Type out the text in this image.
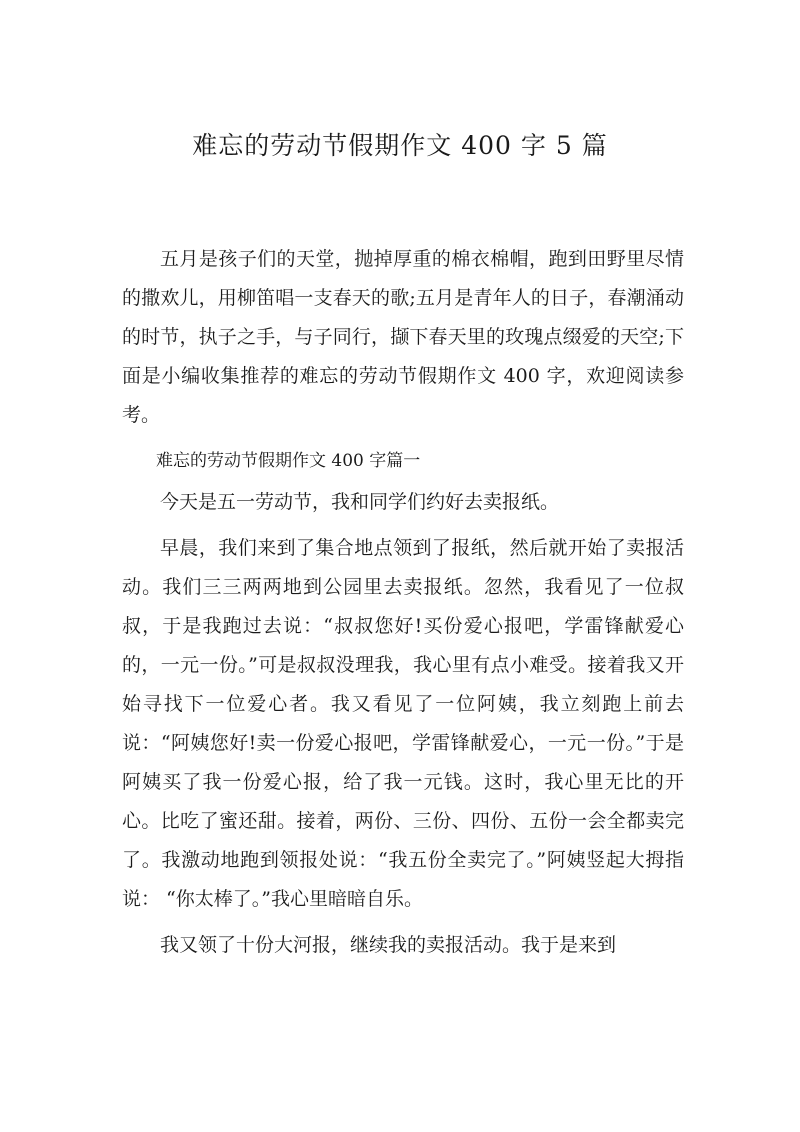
难忘的劳动节假期作文 400 字 5 篇

五月是孩子们的天堂，抛掉厚重的棉衣棉帽，跑到田野里尽情的撒欢儿，用柳笛唱一支春天的歌;五月是青年人的日子，春潮涌动的时节，执子之手，与子同行，撷下春天里的玫瑰点缀爱的天空;下面是小编收集推荐的难忘的劳动节假期作文 400 字，欢迎阅读参考。

难忘的劳动节假期作文 400 字篇一

今天是五一劳动节，我和同学们约好去卖报纸。

早晨，我们来到了集合地点领到了报纸，然后就开始了卖报活动。我们三三两两地到公园里去卖报纸。忽然，我看见了一位叔叔，于是我跑过去说：“叔叔您好!买份爱心报吧，学雷锋献爱心的，一元一份。”可是叔叔没理我，我心里有点小难受。接着我又开始寻找下一位爱心者。我又看见了一位阿姨，我立刻跑上前去说：“阿姨您好!卖一份爱心报吧，学雷锋献爱心，一元一份。”于是阿姨买了我一份爱心报，给了我一元钱。这时，我心里无比的开心。比吃了蜜还甜。接着，两份、三份、四份、五份一会全都卖完了。我激动地跑到领报处说：“我五份全卖完了。”阿姨竖起大拇指说： “你太棒了。”我心里暗暗自乐。

我又领了十份大河报，继续我的卖报活动。我于是来到
